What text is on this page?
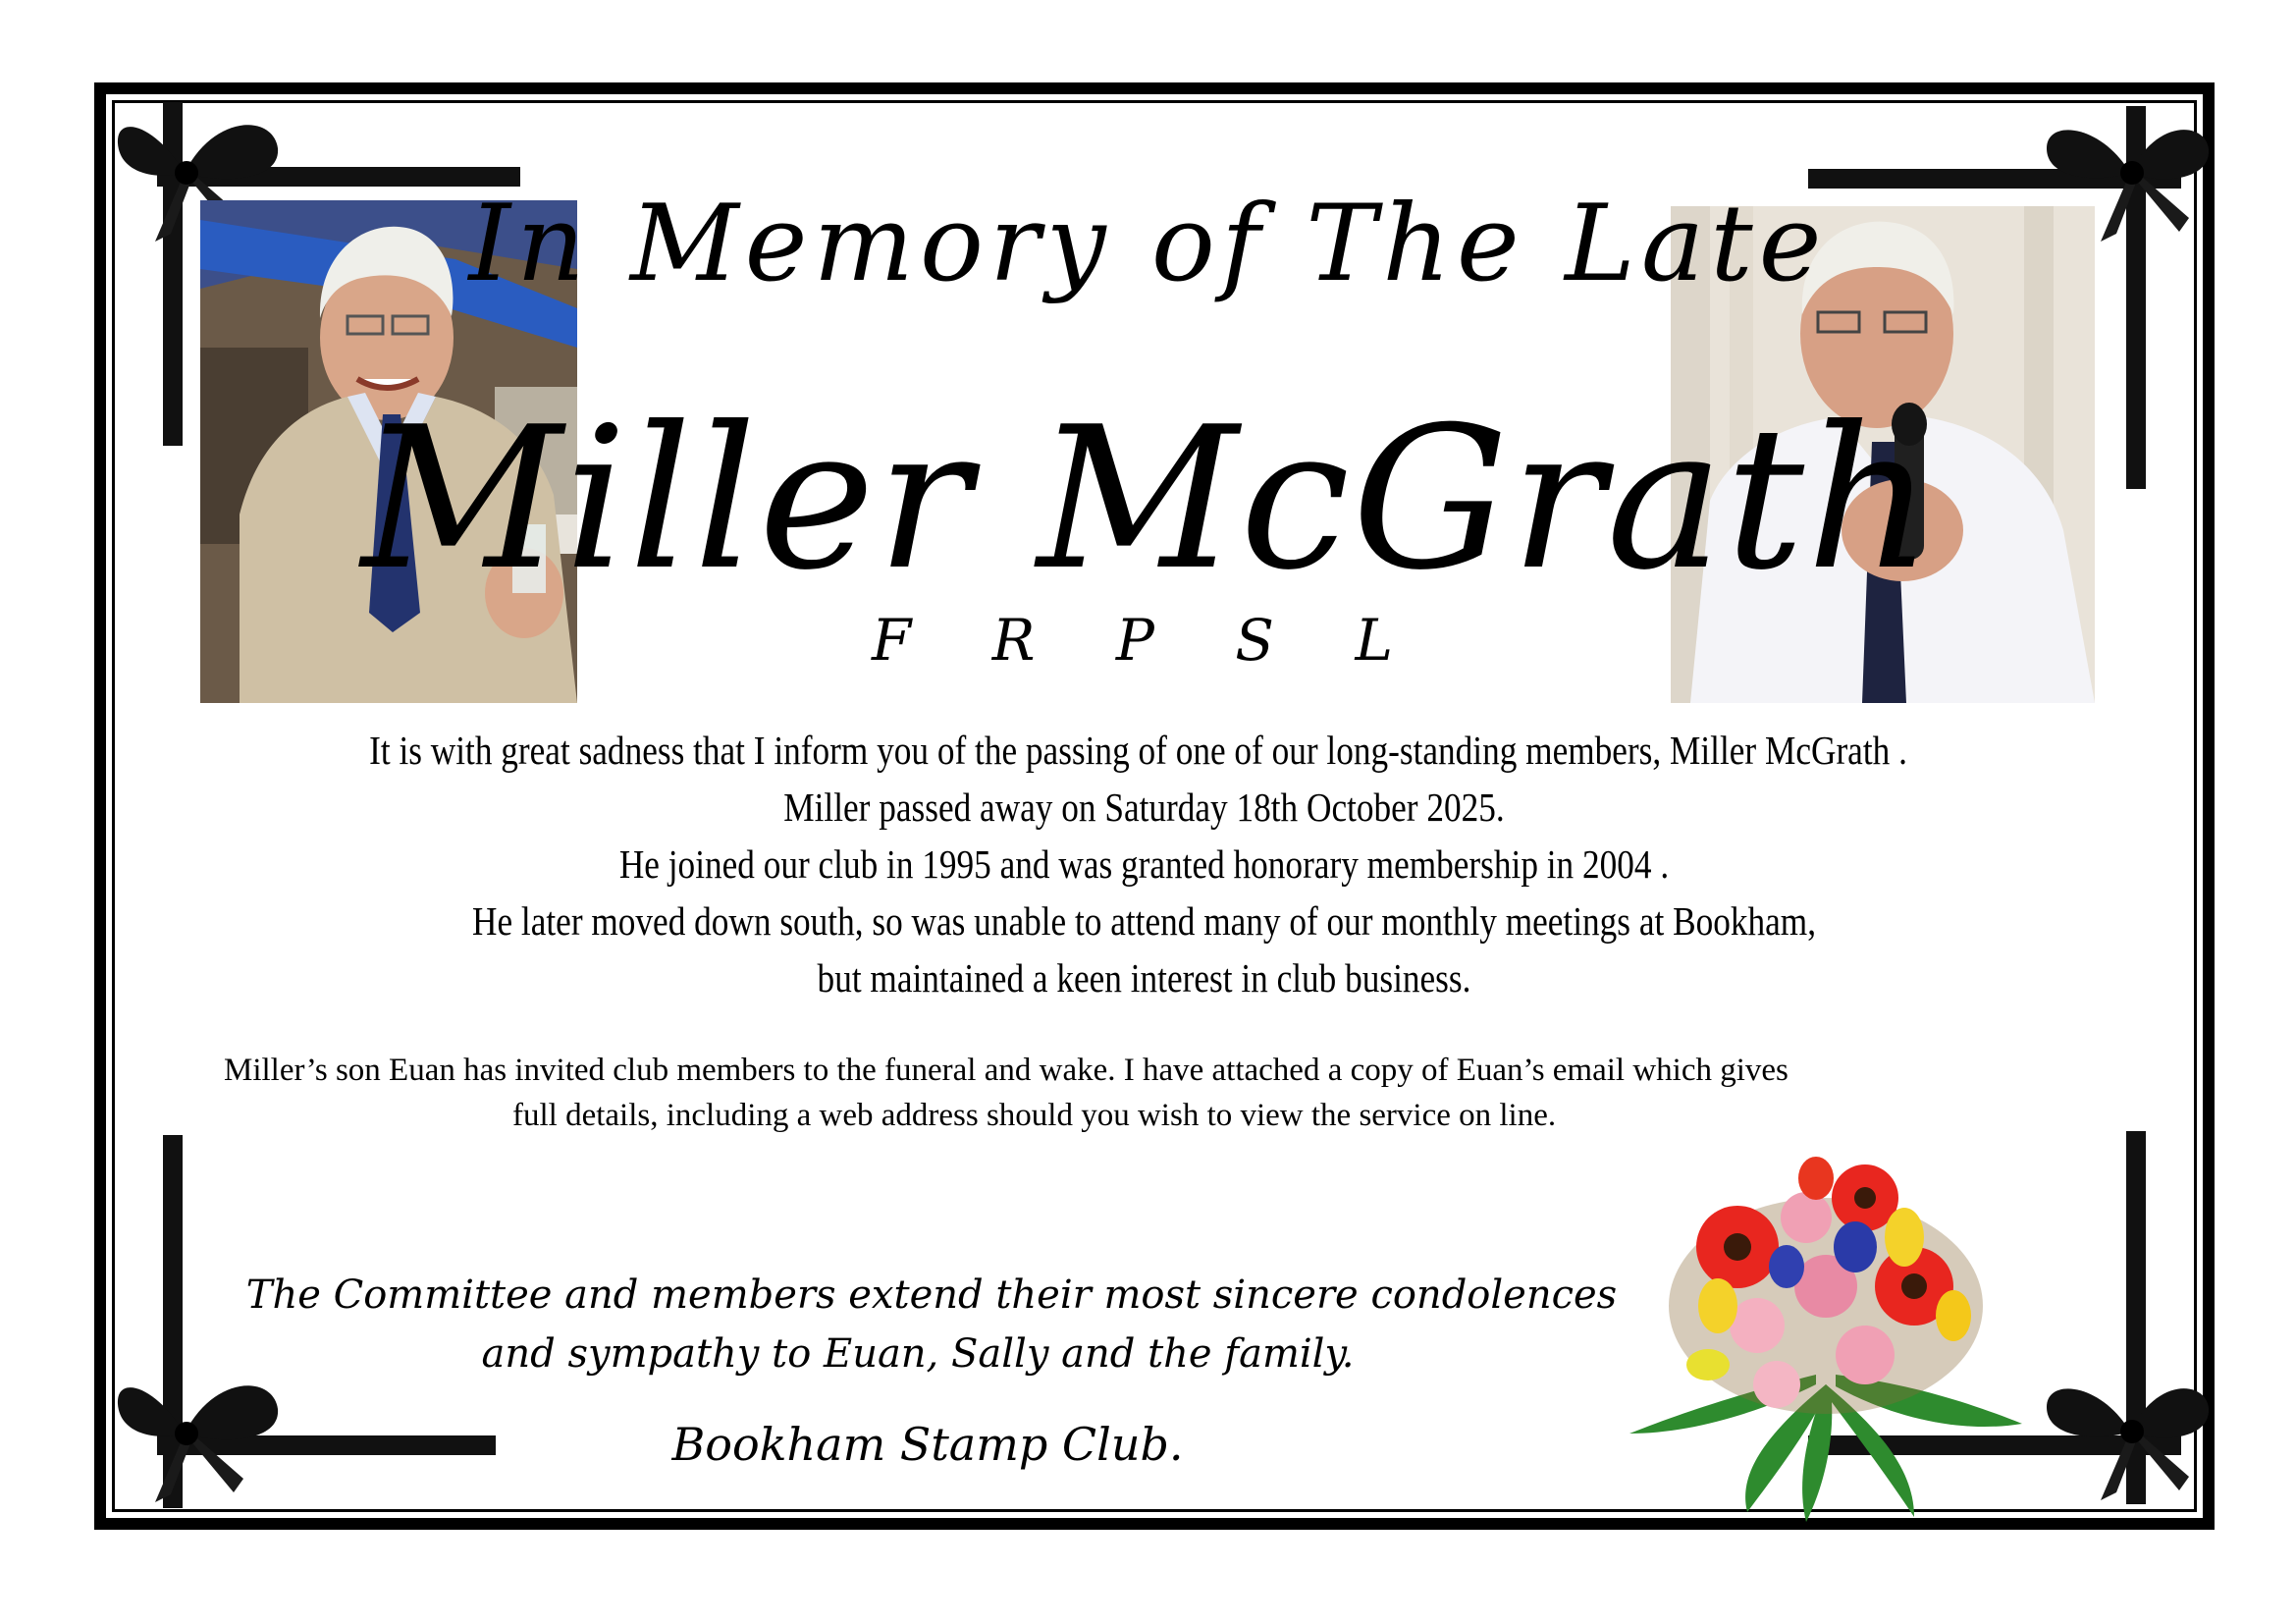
In Memory of The Late
Miller McGrath
F R P S L
It is with great sadness that I inform you of the passing of one of our long-standing members, Miller McGrath .
Miller passed away on Saturday 18th October 2025.
He joined our club in 1995 and was granted honorary membership in 2004 .
He later moved down south, so was unable to attend many of our monthly meetings at Bookham,
but maintained a keen interest in club business.
Miller’s son Euan has invited club members to the funeral and wake. I have attached a copy of Euan’s email which gives
full details, including a web address should you wish to view the service on line.
The Committee and members extend their most sincere condolences
and sympathy to Euan, Sally and the family.
Bookham Stamp Club.
